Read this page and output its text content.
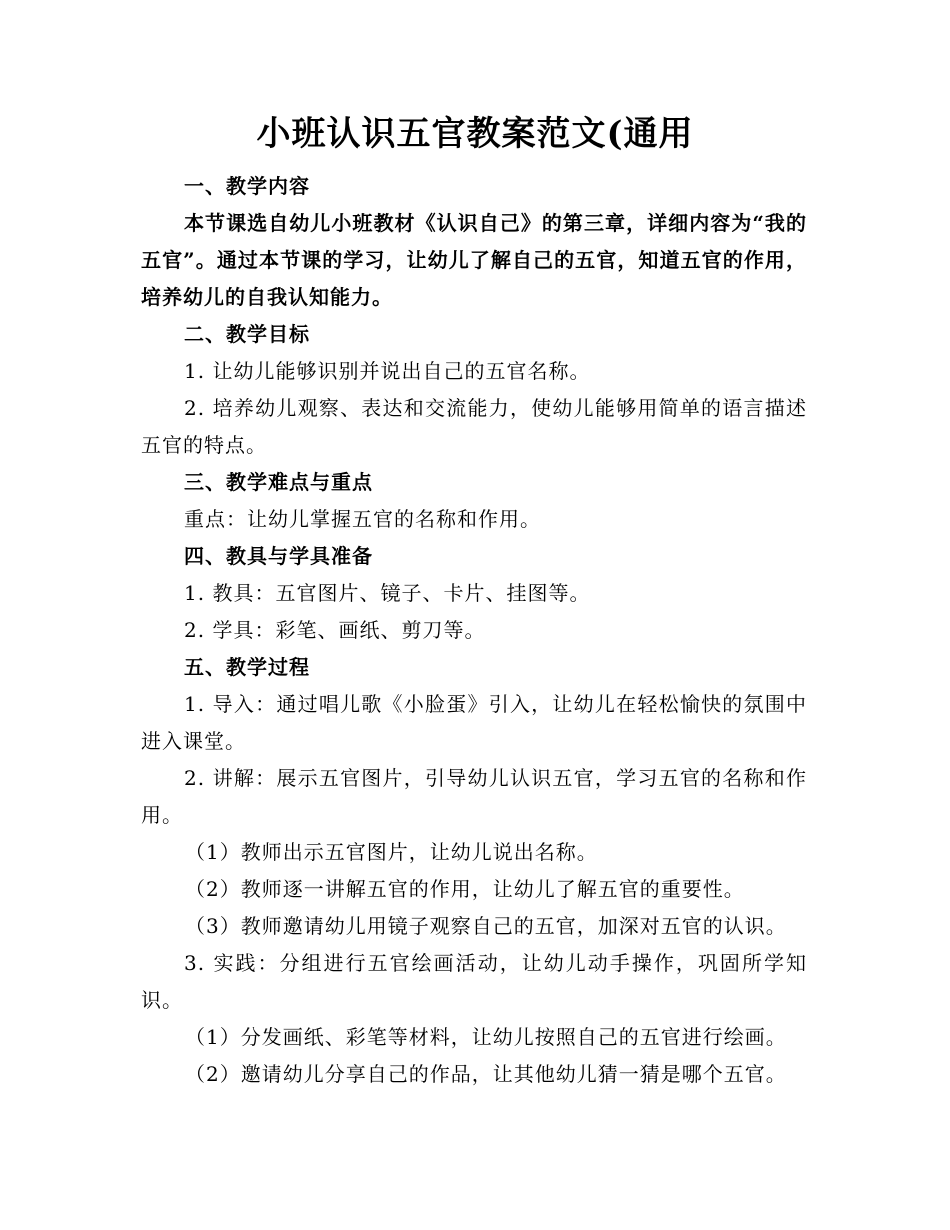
小班认识五官教案范文(通用

一、教学内容

本节课选自幼儿小班教材《认识自己》的第三章，详细内容为“我的五官”。通过本节课的学习，让幼儿了解自己的五官，知道五官的作用，培养幼儿的自我认知能力。

二、教学目标

1. 让幼儿能够识别并说出自己的五官名称。

2. 培养幼儿观察、表达和交流能力，使幼儿能够用简单的语言描述五官的特点。

三、教学难点与重点

重点：让幼儿掌握五官的名称和作用。

四、教具与学具准备

1. 教具：五官图片、镜子、卡片、挂图等。

2. 学具：彩笔、画纸、剪刀等。

五、教学过程

1. 导入：通过唱儿歌《小脸蛋》引入，让幼儿在轻松愉快的氛围中进入课堂。

2. 讲解：展示五官图片，引导幼儿认识五官，学习五官的名称和作用。

（1）教师出示五官图片，让幼儿说出名称。

（2）教师逐一讲解五官的作用，让幼儿了解五官的重要性。

（3）教师邀请幼儿用镜子观察自己的五官，加深对五官的认识。

3. 实践：分组进行五官绘画活动，让幼儿动手操作，巩固所学知识。

（1）分发画纸、彩笔等材料，让幼儿按照自己的五官进行绘画。

（2）邀请幼儿分享自己的作品，让其他幼儿猜一猜是哪个五官。
